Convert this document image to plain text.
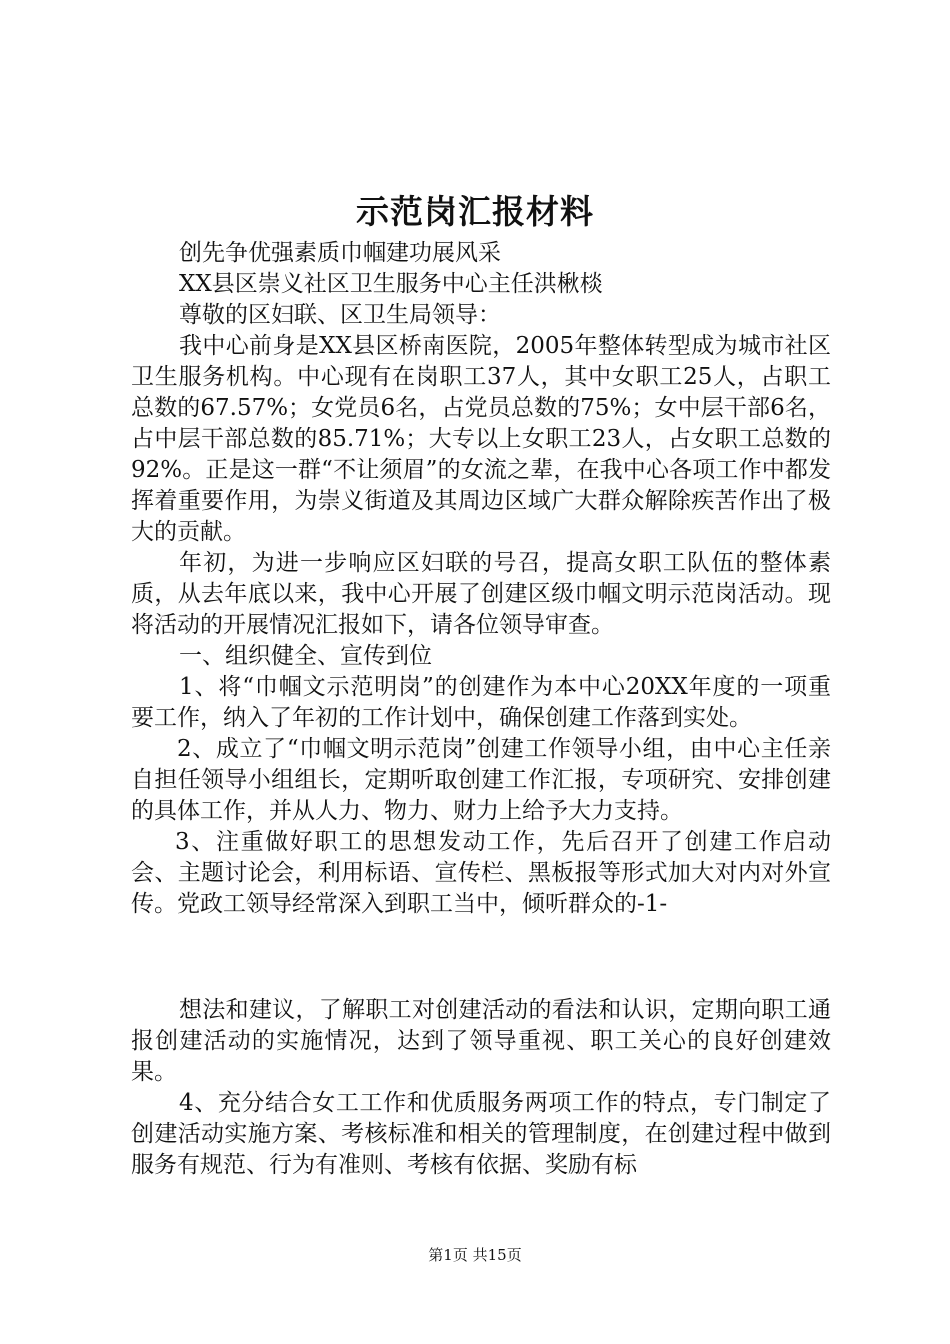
示范岗汇报材料

创先争优强素质巾帼建功展风采

XX县区崇义社区卫生服务中心主任洪楸棪

尊敬的区妇联、区卫生局领导：

我中心前身是XX县区桥南医院，2005年整体转型成为城市社区卫生服务机构。中心现有在岗职工37人，其中女职工25人，占职工总数的67.57%；女党员6名，占党员总数的75%；女中层干部6名，占中层干部总数的85.71%；大专以上女职工23人，占女职工总数的92%。正是这一群“不让须眉”的女流之辈，在我中心各项工作中都发挥着重要作用，为崇义街道及其周边区域广大群众解除疾苦作出了极大的贡献。

年初，为进一步响应区妇联的号召，提高女职工队伍的整体素质，从去年底以来，我中心开展了创建区级巾帼文明示范岗活动。现将活动的开展情况汇报如下，请各位领导审查。

一、组织健全、宣传到位

1、将“巾帼文示范明岗”的创建作为本中心20XX年度的一项重要工作，纳入了年初的工作计划中，确保创建工作落到实处。

2、成立了“巾帼文明示范岗”创建工作领导小组，由中心主任亲自担任领导小组组长，定期听取创建工作汇报，专项研究、安排创建的具体工作，并从人力、物力、财力上给予大力支持。

3、注重做好职工的思想发动工作，先后召开了创建工作启动会、主题讨论会，利用标语、宣传栏、黑板报等形式加大对内对外宣传。党政工领导经常深入到职工当中，倾听群众的-1-

想法和建议，了解职工对创建活动的看法和认识，定期向职工通报创建活动的实施情况，达到了领导重视、职工关心的良好创建效果。

4、充分结合女工工作和优质服务两项工作的特点，专门制定了创建活动实施方案、考核标准和相关的管理制度，在创建过程中做到服务有规范、行为有准则、考核有依据、奖励有标

第1页 共15页
